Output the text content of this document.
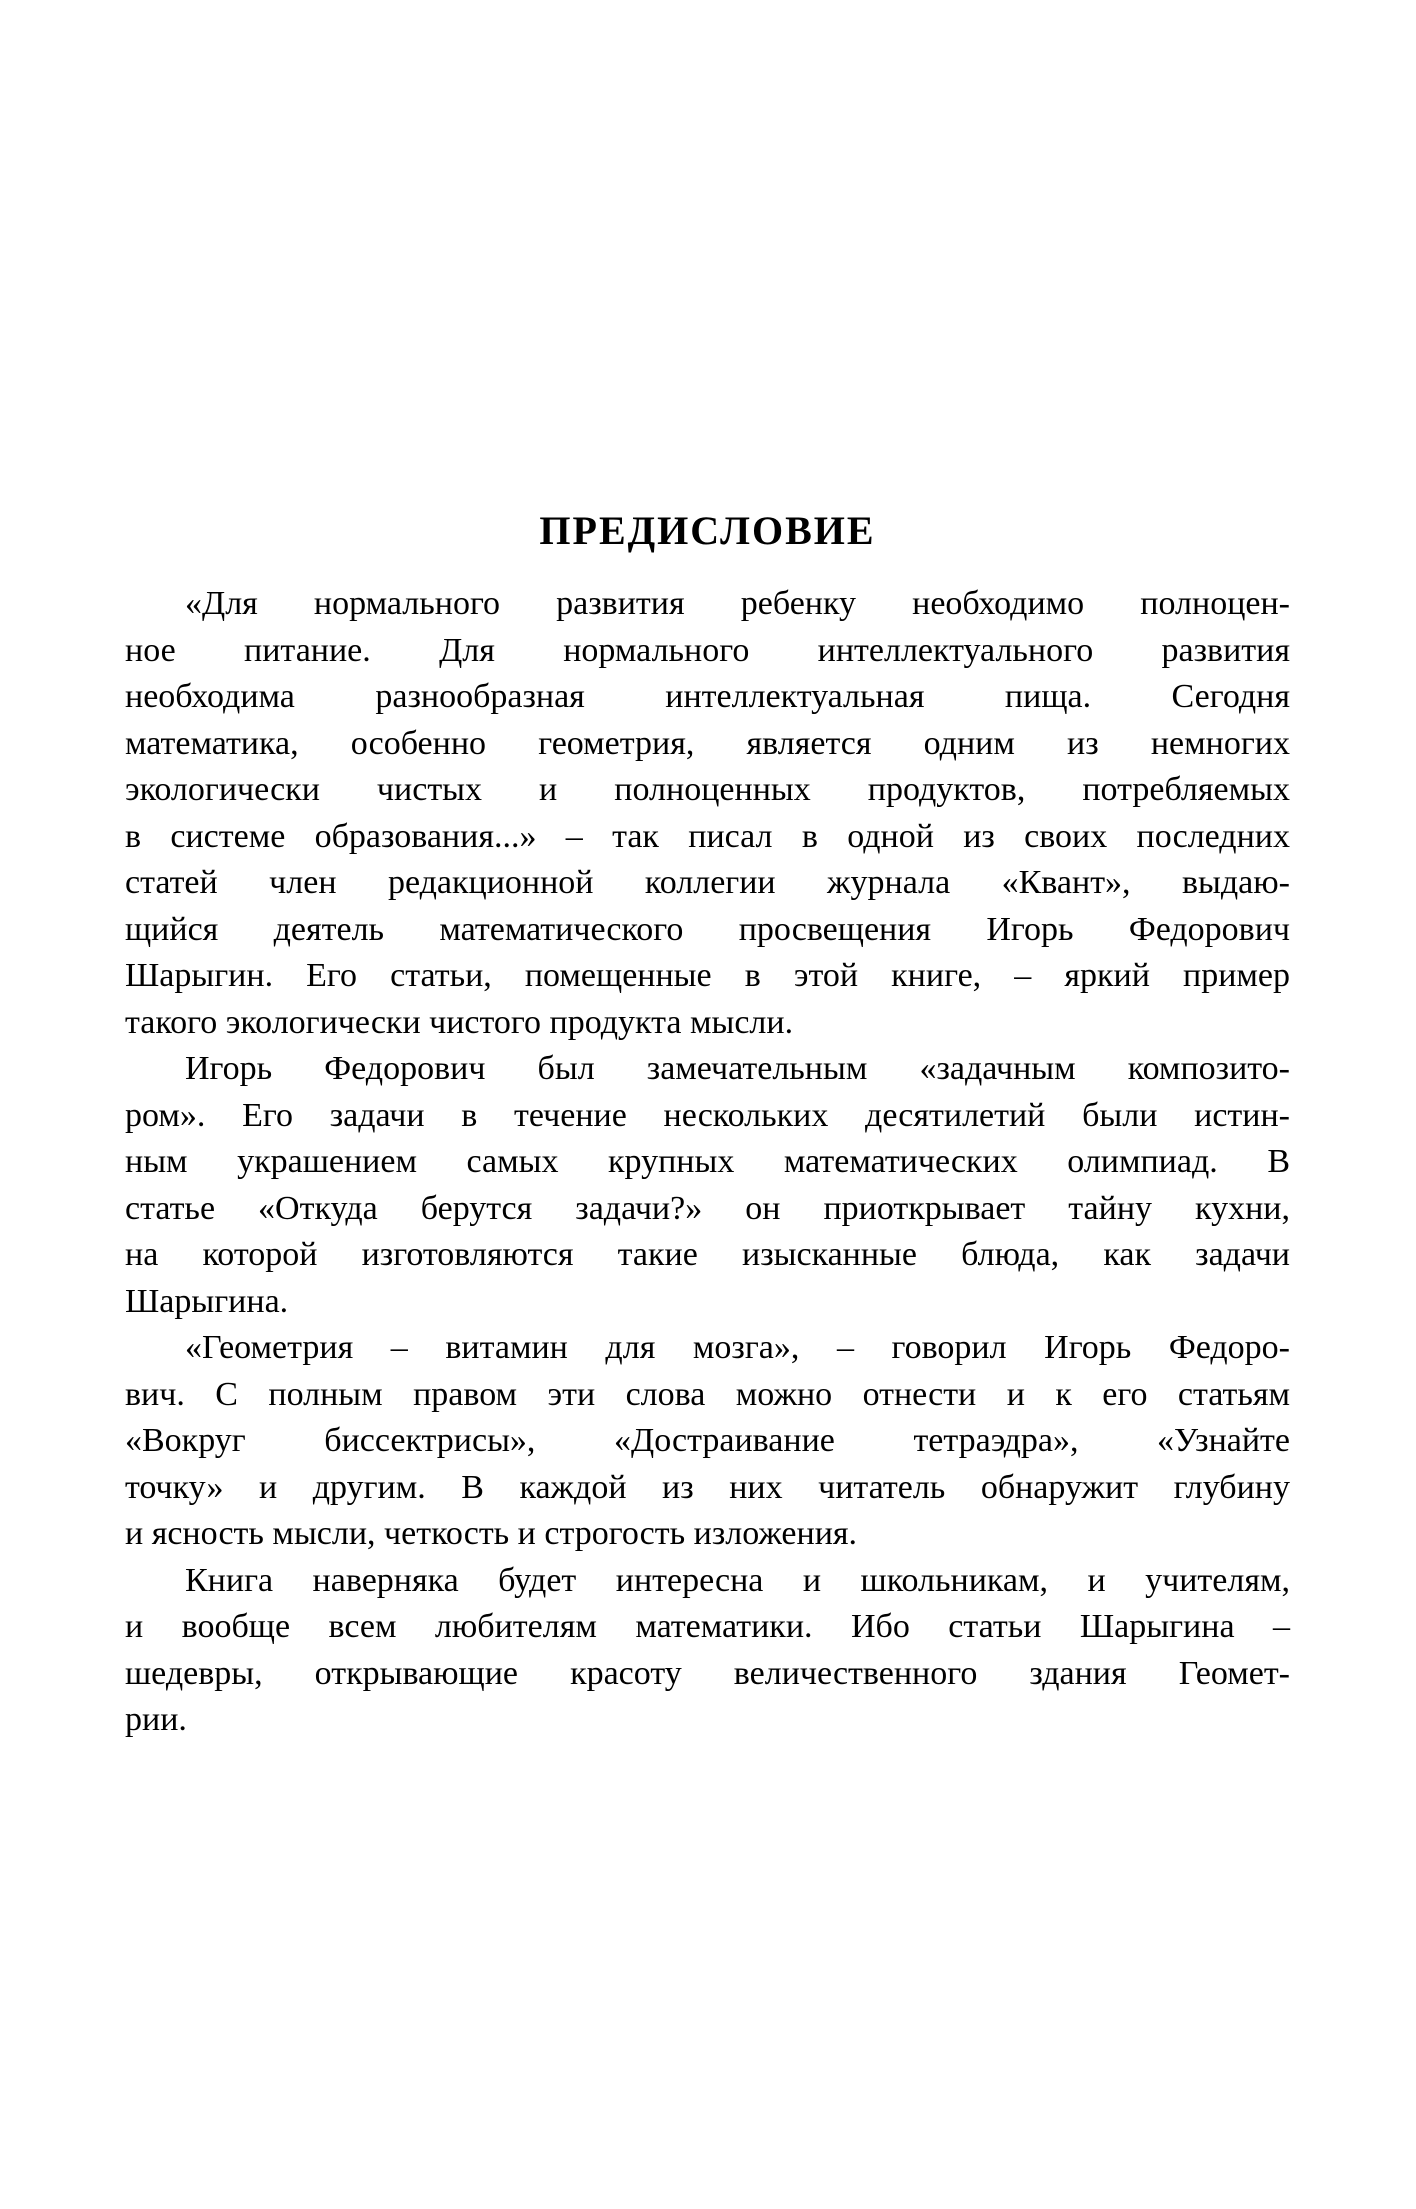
ПРЕДИСЛОВИЕ
«Для нормального развития ребенку необходимо полноцен-
ное питание. Для нормального интеллектуального развития
необходима разнообразная интеллектуальная пища. Сегодня
математика, особенно геометрия, является одним из немногих
экологически чистых и полноценных продуктов, потребляемых
в системе образования...» – так писал в одной из своих последних
статей член редакционной коллегии журнала «Квант», выдаю-
щийся деятель математического просвещения Игорь Федорович
Шарыгин. Его статьи, помещенные в этой книге, – яркий пример
такого экологически чистого продукта мысли.
Игорь Федорович был замечательным «задачным композито-
ром». Его задачи в течение нескольких десятилетий были истин-
ным украшением самых крупных математических олимпиад. В
статье «Откуда берутся задачи?» он приоткрывает тайну кухни,
на которой изготовляются такие изысканные блюда, как задачи
Шарыгина.
«Геометрия – витамин для мозга», – говорил Игорь Федоро-
вич. С полным правом эти слова можно отнести и к его статьям
«Вокруг биссектрисы», «Достраивание тетраэдра», «Узнайте
точку» и другим. В каждой из них читатель обнаружит глубину
и ясность мысли, четкость и строгость изложения.
Книга наверняка будет интересна и школьникам, и учителям,
и вообще всем любителям математики. Ибо статьи Шарыгина –
шедевры, открывающие красоту величественного здания Геомет-
рии.
